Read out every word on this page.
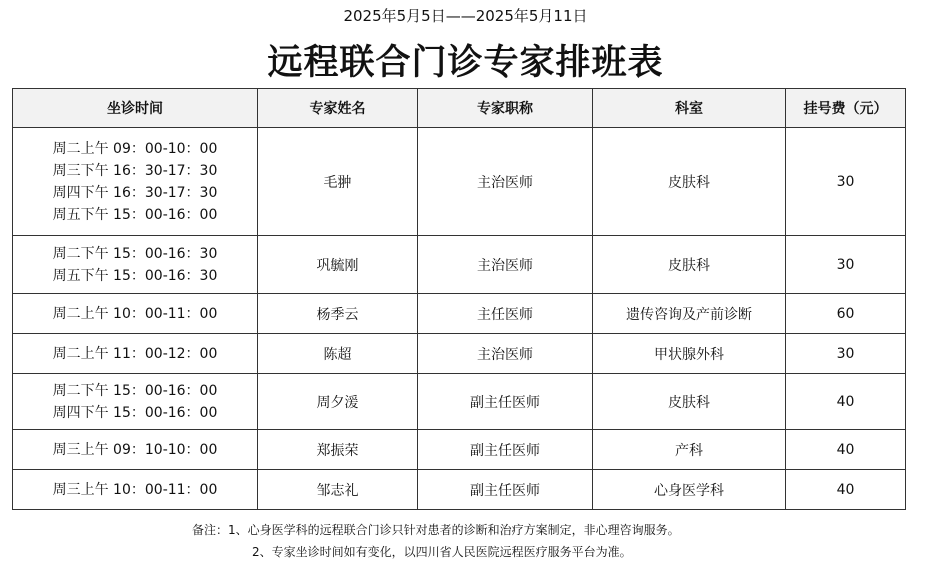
2025年5月5日——2025年5月11日
远程联合门诊专家排班表
坐诊时间	专家姓名	专家职称	科室	挂号费（元）

周二上午 09：00-10：00
周三下午 16：30-17：30
周四下午 16：30-17：30
周五下午 15：00-16：00	毛翀	主治医师	皮肤科	30

周二下午 15：00-16：30
周五下午 15：00-16：30	巩毓刚	主治医师	皮肤科	30

周二上午 10：00-11：00	杨季云	主任医师	遗传咨询及产前诊断	60

周二上午 11：00-12：00	陈超	主治医师	甲状腺外科	30

周二下午 15：00-16：00
周四下午 15：00-16：00	周夕湲	副主任医师	皮肤科	40

周三上午 09：10-10：00	郑振荣	副主任医师	产科	40

周三上午 10：00-11：00	邹志礼	副主任医师	心身医学科	40
备注：1、心身医学科的远程联合门诊只针对患者的诊断和治疗方案制定，非心理咨询服务。
2、专家坐诊时间如有变化，以四川省人民医院远程医疗服务平台为准。
